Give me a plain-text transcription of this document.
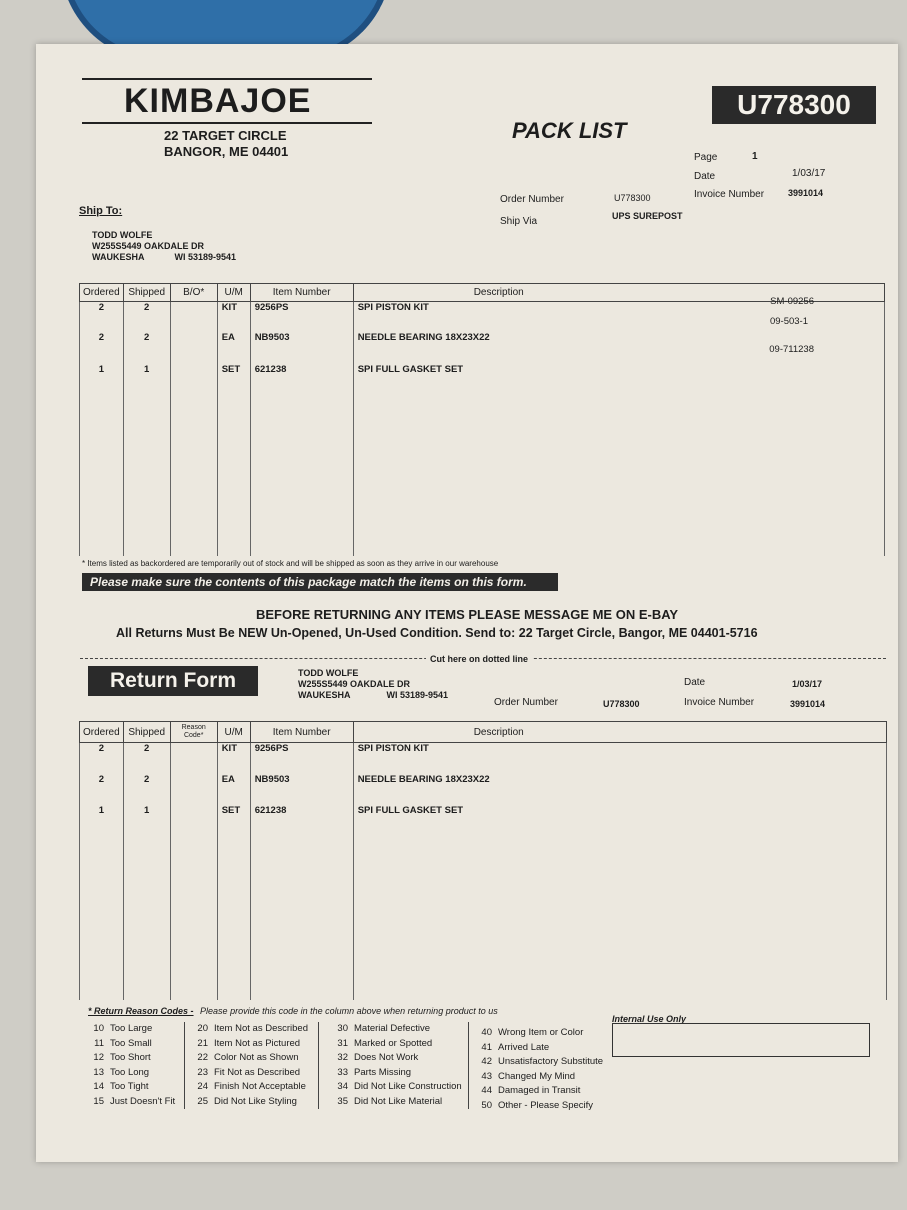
KIMBAJOE
22 TARGET CIRCLE
BANGOR, ME 04401
U778300
PACK LIST
Page	1
Date	1/03/17
Order Number	U778300	Invoice Number	3991014
Ship Via	UPS SUREPOST
Ship To:
TODD WOLFE
W255S5449 OAKDALE DR
WAUKESHA	WI 53189-9541
Ordered	Shipped	B/O*	U/M	Item Number	Description
2	2		KIT	9256PS	SPI PISTON KIT
SM-09256

2	2		EA	NB9503	NEEDLE BEARING 18X23X22
09-503-1

1	1		SET	621238	SPI FULL GASKET SET
09-711238
* Items listed as backordered are temporarily out of stock and will be shipped as soon as they arrive in our warehouse
Please make sure the contents of this package match the items on this form.
BEFORE RETURNING ANY ITEMS PLEASE MESSAGE ME ON E-BAY
All Returns Must Be NEW Un-Opened, Un-Used Condition. Send to: 22 Target Circle, Bangor, ME 04401-5716
Cut here on dotted line
Return Form	TODD WOLFE
W255S5449 OAKDALE DR
WAUKESHA	WI 53189-9541
Date	1/03/17
Order Number	U778300	Invoice Number	3991014
Ordered	Shipped	Reason Code*	U/M	Item Number	Description
2	2		KIT	9256PS	SPI PISTON KIT
2	2		EA	NB9503	NEEDLE BEARING 18X23X22
1	1		SET	621238	SPI FULL GASKET SET
* Return Reason Codes - Please provide this code in the column above when returning product to us
Internal Use Only
10 Too Large
11 Too Small
12 Too Short
13 Too Long
14 Too Tight
15 Just Doesn't Fit
20 Item Not as Described
21 Item Not as Pictured
22 Color Not as Shown
23 Fit Not as Described
24 Finish Not Acceptable
25 Did Not Like Styling
30 Material Defective
31 Marked or Spotted
32 Does Not Work
33 Parts Missing
34 Did Not Like Construction
35 Did Not Like Material
40 Wrong Item or Color
41 Arrived Late
42 Unsatisfactory Substitute
43 Changed My Mind
44 Damaged in Transit
50 Other - Please Specify
